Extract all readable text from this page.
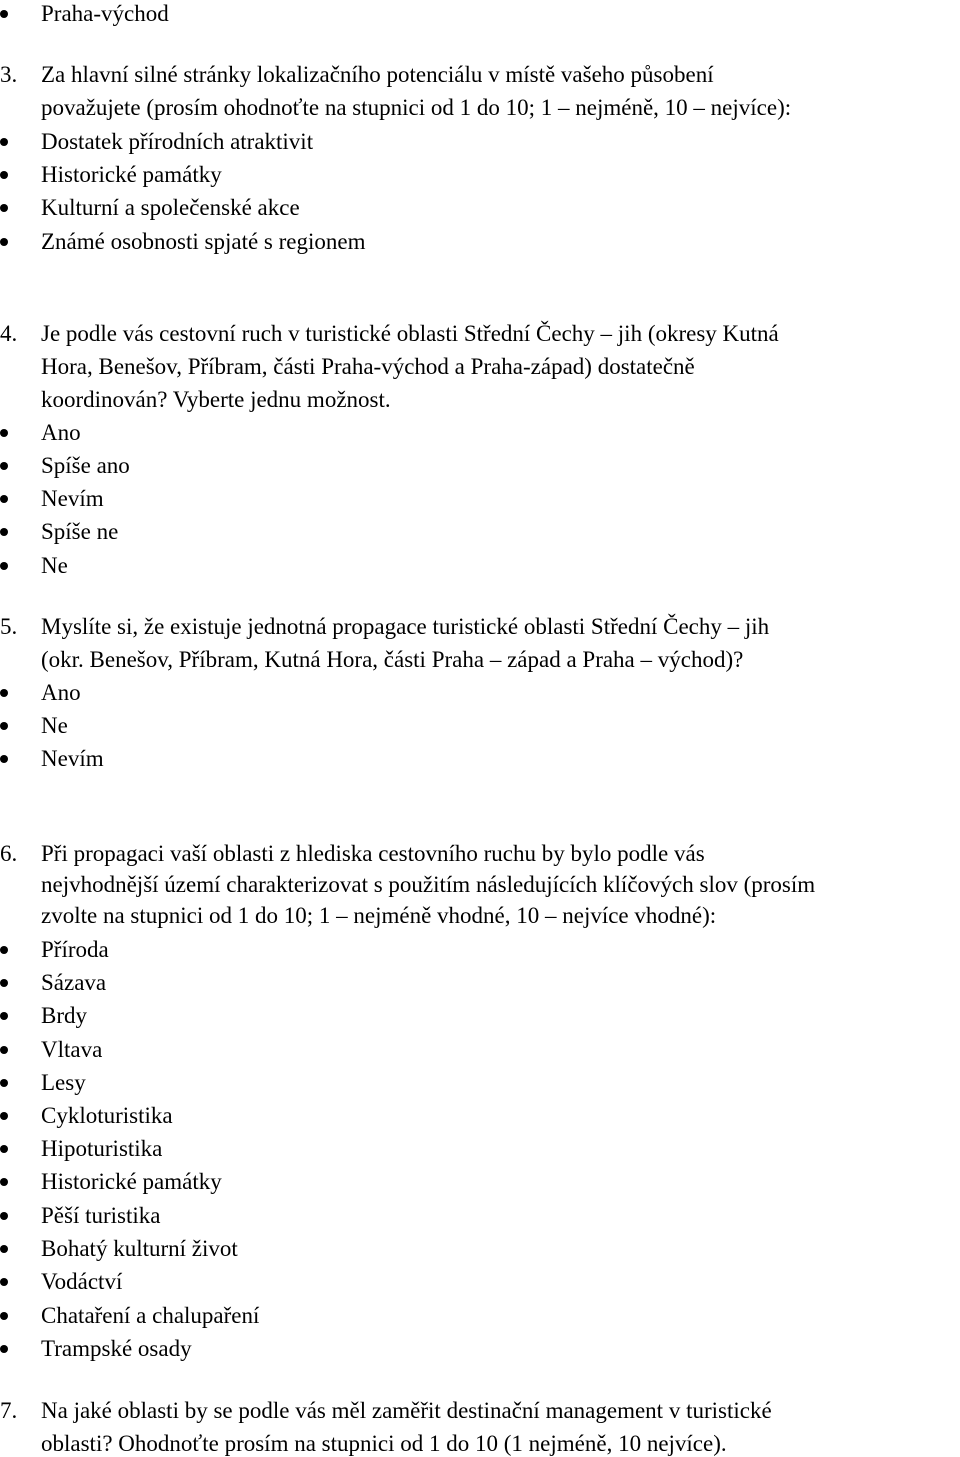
Praha-východ
3. Za hlavní silné stránky lokalizačního potenciálu v místě vašeho působení
považujete (prosím ohodnoťte na stupnici od 1 do 10; 1 – nejméně, 10 – nejvíce):
Dostatek přírodních atraktivit
Historické památky
Kulturní a společenské akce
Známé osobnosti spjaté s regionem
4. Je podle vás cestovní ruch v turistické oblasti Střední Čechy – jih (okresy Kutná
Hora, Benešov, Příbram, části Praha-východ a Praha-západ) dostatečně
koordinován? Vyberte jednu možnost.
Ano
Spíše ano
Nevím
Spíše ne
Ne
5. Myslíte si, že existuje jednotná propagace turistické oblasti Střední Čechy – jih
(okr. Benešov, Příbram, Kutná Hora, části Praha – západ a Praha – východ)?
Ano
Ne
Nevím
6. Při propagaci vaší oblasti z hlediska cestovního ruchu by bylo podle vás
nejvhodnější území charakterizovat s použitím následujících klíčových slov (prosím
zvolte na stupnici od 1 do 10; 1 – nejméně vhodné, 10 – nejvíce vhodné):
Příroda
Sázava
Brdy
Vltava
Lesy
Cykloturistika
Hipoturistika
Historické památky
Pěší turistika
Bohatý kulturní život
Vodáctví
Chataření a chalupaření
Trampské osady
7. Na jaké oblasti by se podle vás měl zaměřit destinační management v turistické
oblasti? Ohodnoťte prosím na stupnici od 1 do 10 (1 nejméně, 10 nejvíce).
